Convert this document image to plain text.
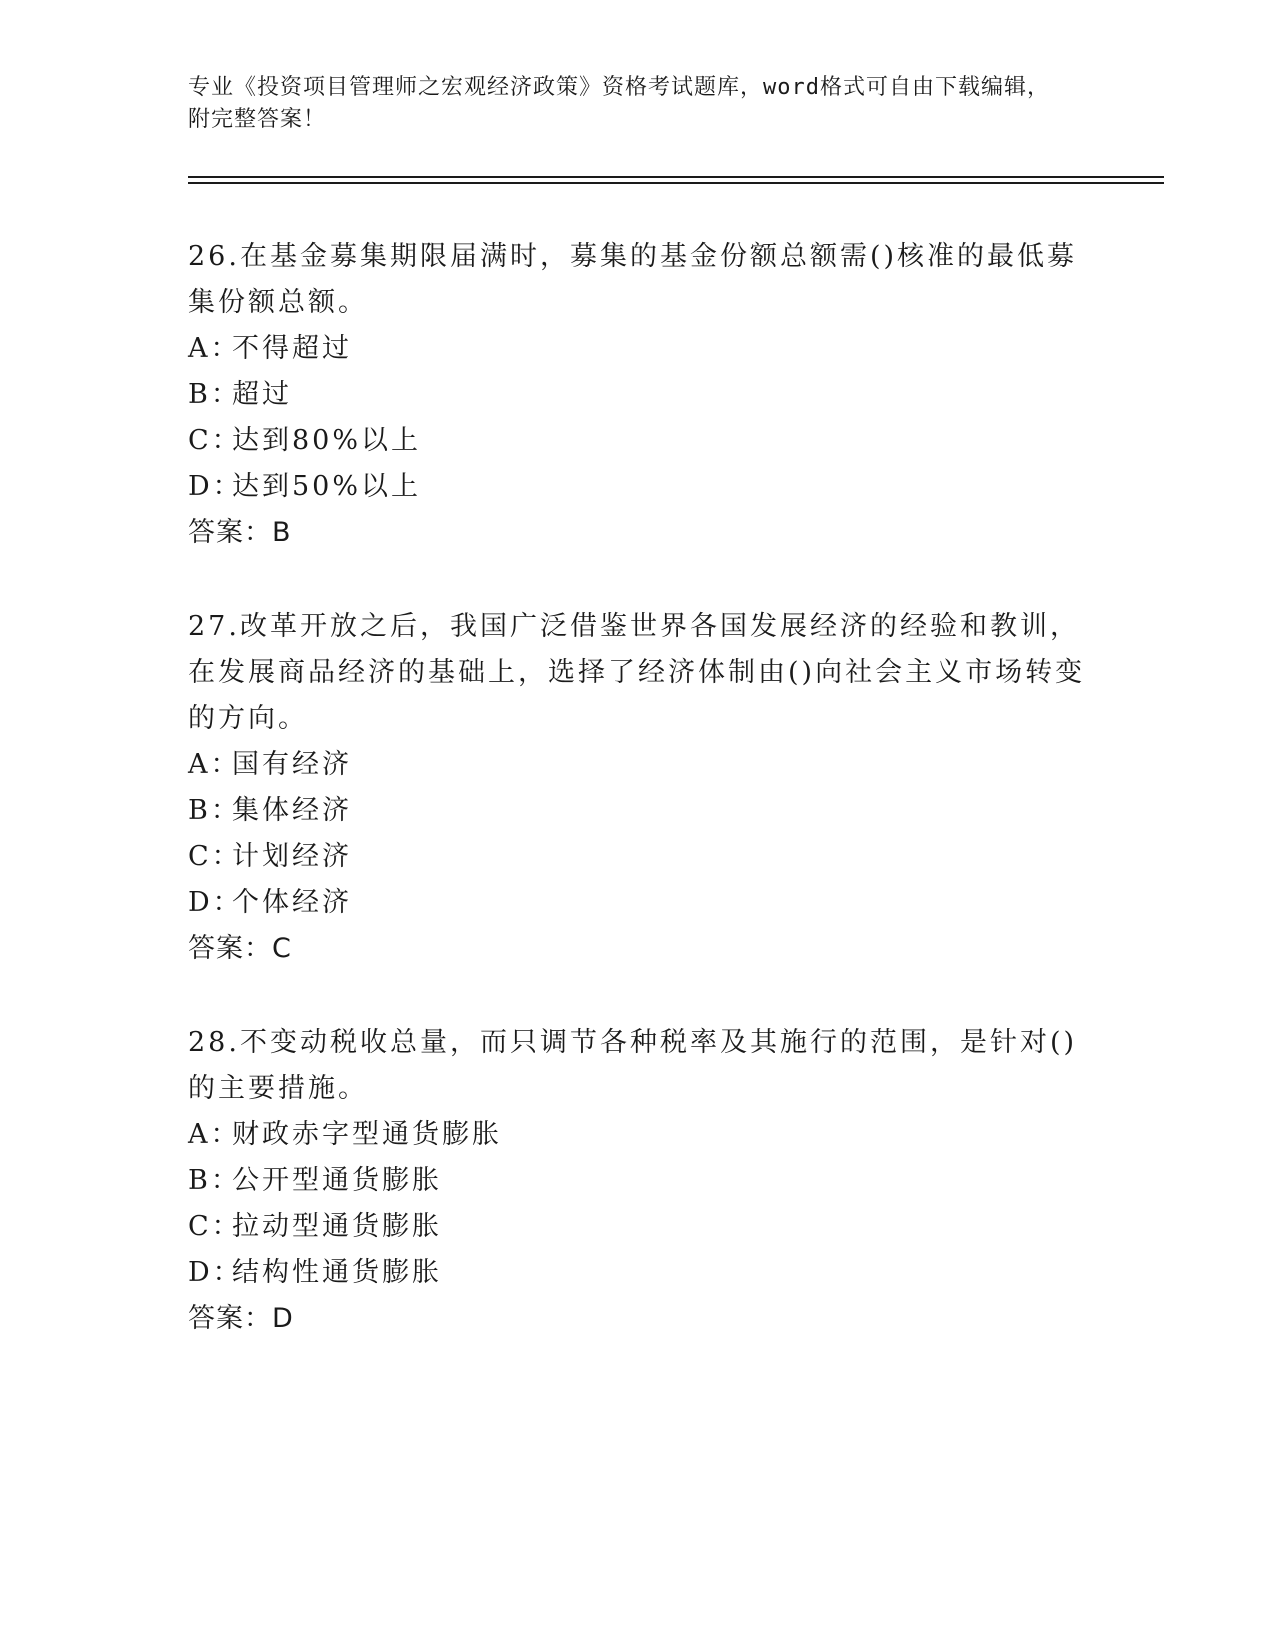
专业《投资项目管理师之宏观经济政策》资格考试题库，word格式可自由下载编辑，附完整答案！

26.在基金募集期限届满时，募集的基金份额总额需()核准的最低募集份额总额。

A：不得超过
B：超过
C：达到80%以上
D：达到50%以上
答案：B

27.改革开放之后，我国广泛借鉴世界各国发展经济的经验和教训，在发展商品经济的基础上，选择了经济体制由()向社会主义市场转变的方向。

A：国有经济
B：集体经济
C：计划经济
D：个体经济
答案：C

28.不变动税收总量，而只调节各种税率及其施行的范围，是针对()的主要措施。

A：财政赤字型通货膨胀
B：公开型通货膨胀
C：拉动型通货膨胀
D：结构性通货膨胀
答案：D
